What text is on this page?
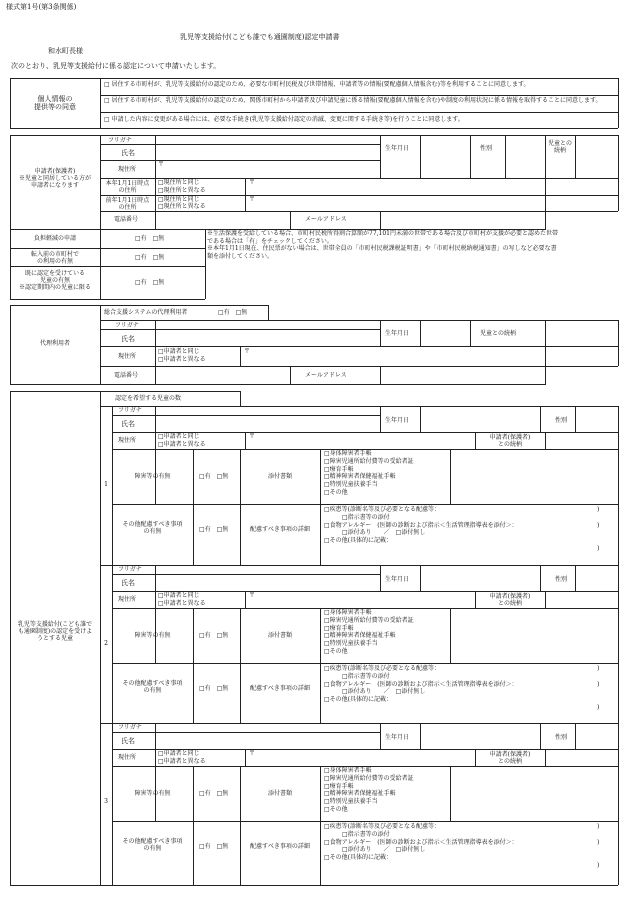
様式第1号(第3条関係)
乳児等支援給付(こども誰でも通園制度)認定申請書
和水町長様
次のとおり、乳児等支援給付に係る認定について申請いたします。
個人情報の
提供等の同意
□ 居住する市町村が、乳児等支援給付の認定のため、必要な市町村民税及び世帯情報、申請者等の情報(要配慮個人情報含む)等を利用することに同意します。
□ 居住する市町村が、乳児等支援給付の認定のため、関係市町村から申請者及び申請児童に係る情報(要配慮個人情報を含む)や制度の利用状況に係る情報を取得することに同意します。
□ 申請した内容に変更がある場合には、必要な手続き(乳児等支援給付認定の消滅、変更に関する手続き等)を行うことに同意します。
申請者(保護者)
※児童と同居している方が
申請者になります
フリガナ
氏名
生年月日	性別
児童との
続柄
現住所
〒
本年1月1日時点
の住所
□現住所と同じ
□現住所と異なる
〒
前年1月1日時点
の住所
□現住所と同じ
□現住所と異なる
〒
電話番号	メールアドレス
負担軽減の申請	□有　□無
※生活保護を受給している場合、市町村民税所得割合算額が77,101円未満の世帯である場合及び市町村が支援が必要と認めた世帯
である場合は「有」をチェックしてください。
※本年1月1日現在、住民票がない場合は、世帯全員の「市町村民税課税証明書」や「市町村民税納税通知書」の写しなど必要な書
類を添付してください。
転入前の市町村で
の利用の有無
□有　□無
既に認定を受けている
児童の有無
※認定期間内の児童に限る
□有　□無
代理利用者
総合支援システムの代理利用者	□有　□無
フリガナ
氏名
生年月日	児童との続柄
現住所
□申請者と同じ
□申請者と異なる
〒
電話番号	メールアドレス
乳児等支援給付(こども誰で
も通園制度)の認定を受けよ
うとする児童
認定を希望する児童の数
1
フリガナ
氏名	生年月日	性別
現住所
□申請者と同じ
□申請者と異なる
〒	申請者(保護者)
との続柄
障害等の有無	□有　□無	添付書類
□身体障害者手帳
□障害児通所給付費等の受給者証
□療育手帳
□精神障害者保健福祉手帳
□特別児童扶養手当
□その他
その他配慮すべき事項
の有無	□有　□無	配慮すべき事項の詳細
□疾患等(診断名等及び必要となる配慮等：
　　　□指示書等の添付
□食物アレルギー　(医師の診断および指示＜生活管理指導表を添付＞：
　　　□添付あり　　／　□添付無し
□その他(具体的に記載：
)
)
)
2
フリガナ
氏名	生年月日	性別
現住所
□申請者と同じ
□申請者と異なる
〒	申請者(保護者)
との続柄
障害等の有無	□有　□無	添付書類
□身体障害者手帳
□障害児通所給付費等の受給者証
□療育手帳
□精神障害者保健福祉手帳
□特別児童扶養手当
□その他
その他配慮すべき事項
の有無	□有　□無	配慮すべき事項の詳細
□疾患等(診断名等及び必要となる配慮等：
　　　□指示書等の添付
□食物アレルギー　(医師の診断および指示＜生活管理指導表を添付＞：
　　　□添付あり　　／　□添付無し
□その他(具体的に記載：
)
)
)
3
フリガナ
氏名	生年月日	性別
現住所
□申請者と同じ
□申請者と異なる
〒	申請者(保護者)
との続柄
障害等の有無	□有　□無	添付書類
□身体障害者手帳
□障害児通所給付費等の受給者証
□療育手帳
□精神障害者保健福祉手帳
□特別児童扶養手当
□その他
その他配慮すべき事項
の有無	□有　□無	配慮すべき事項の詳細
□疾患等(診断名等及び必要となる配慮等：
　　　□指示書等の添付
□食物アレルギー　(医師の診断および指示＜生活管理指導表を添付＞：
　　　□添付あり　　／　□添付無し
□その他(具体的に記載：
)
)
)
